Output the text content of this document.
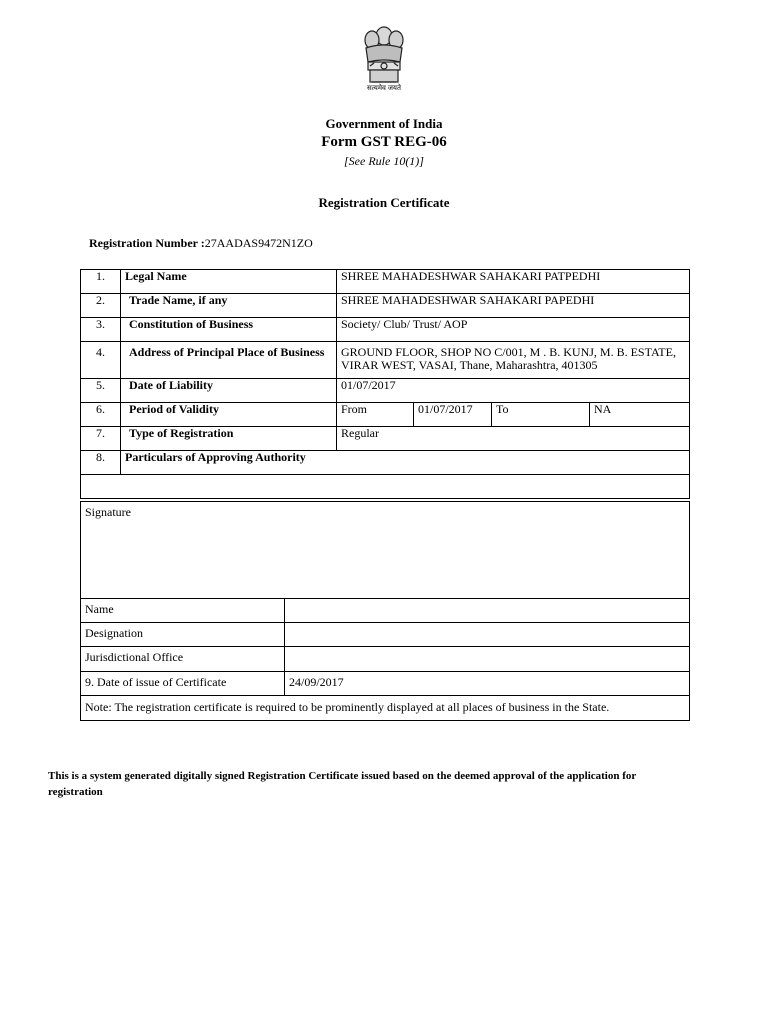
सत्यमेव जयते
Government of India
Form GST REG-06
[See Rule 10(1)]
Registration Certificate
Registration Number :27AADAS9472N1ZO
1.	Legal Name	SHREE MAHADESHWAR SAHAKARI PATPEDHI			
2.	Trade Name, if any	SHREE MAHADESHWAR SAHAKARI PAPEDHI			
3.	Constitution of Business	Society/ Club/ Trust/ AOP			
4.	Address of Principal Place of Business	GROUND FLOOR, SHOP NO C/001, M . B. KUNJ, M. B. ESTATE, VIRAR WEST, VASAI, Thane, Maharashtra, 401305			
5.	Date of Liability	01/07/2017			
6.	Period of Validity	From	01/07/2017	To	NA
7.	Type of Registration	Regular			
8.	Particulars of Approving Authority				

Signature	
Name	
Designation	
Jurisdictional Office	
9. Date of issue of Certificate	24/09/2017
Note: The registration certificate is required to be prominently displayed at all places of business in the State.	
This is a system generated digitally signed Registration Certificate issued based on the deemed approval of the application for registration
